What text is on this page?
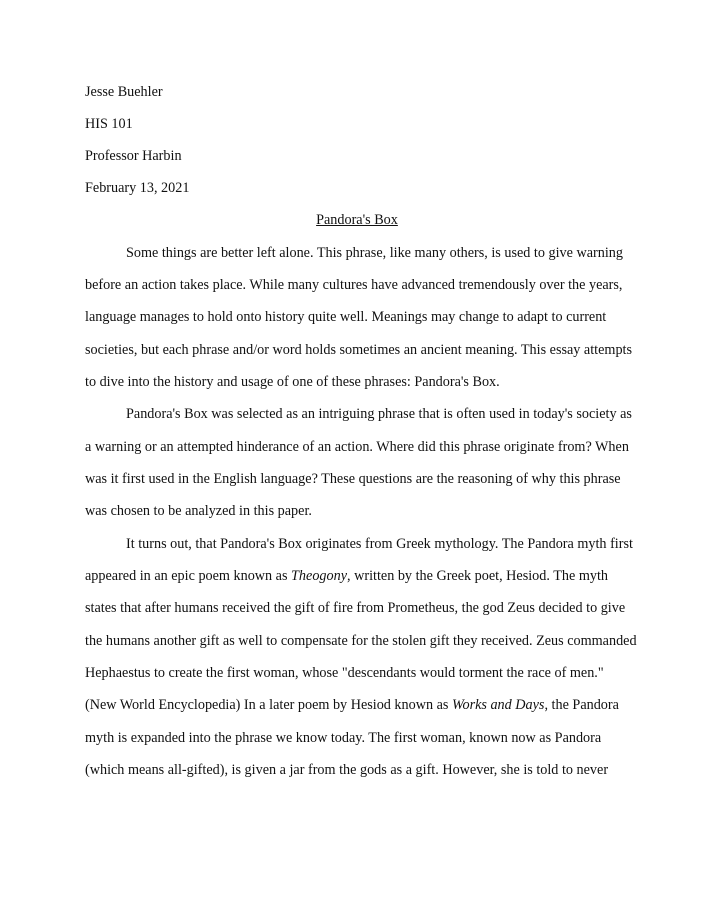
Jesse Buehler

HIS 101

Professor Harbin

February 13, 2021

Pandora's Box

Some things are better left alone. This phrase, like many others, is used to give warning

before an action takes place. While many cultures have advanced tremendously over the years,

language manages to hold onto history quite well. Meanings may change to adapt to current

societies, but each phrase and/or word holds sometimes an ancient meaning. This essay attempts

to dive into the history and usage of one of these phrases: Pandora's Box.

Pandora's Box was selected as an intriguing phrase that is often used in today's society as

a warning or an attempted hinderance of an action. Where did this phrase originate from? When

was it first used in the English language? These questions are the reasoning of why this phrase

was chosen to be analyzed in this paper.

It turns out, that Pandora's Box originates from Greek mythology. The Pandora myth first

appeared in an epic poem known as Theogony, written by the Greek poet, Hesiod. The myth

states that after humans received the gift of fire from Prometheus, the god Zeus decided to give

the humans another gift as well to compensate for the stolen gift they received. Zeus commanded

Hephaestus to create the first woman, whose "descendants would torment the race of men."

(New World Encyclopedia) In a later poem by Hesiod known as Works and Days, the Pandora

myth is expanded into the phrase we know today. The first woman, known now as Pandora

(which means all-gifted), is given a jar from the gods as a gift. However, she is told to never
